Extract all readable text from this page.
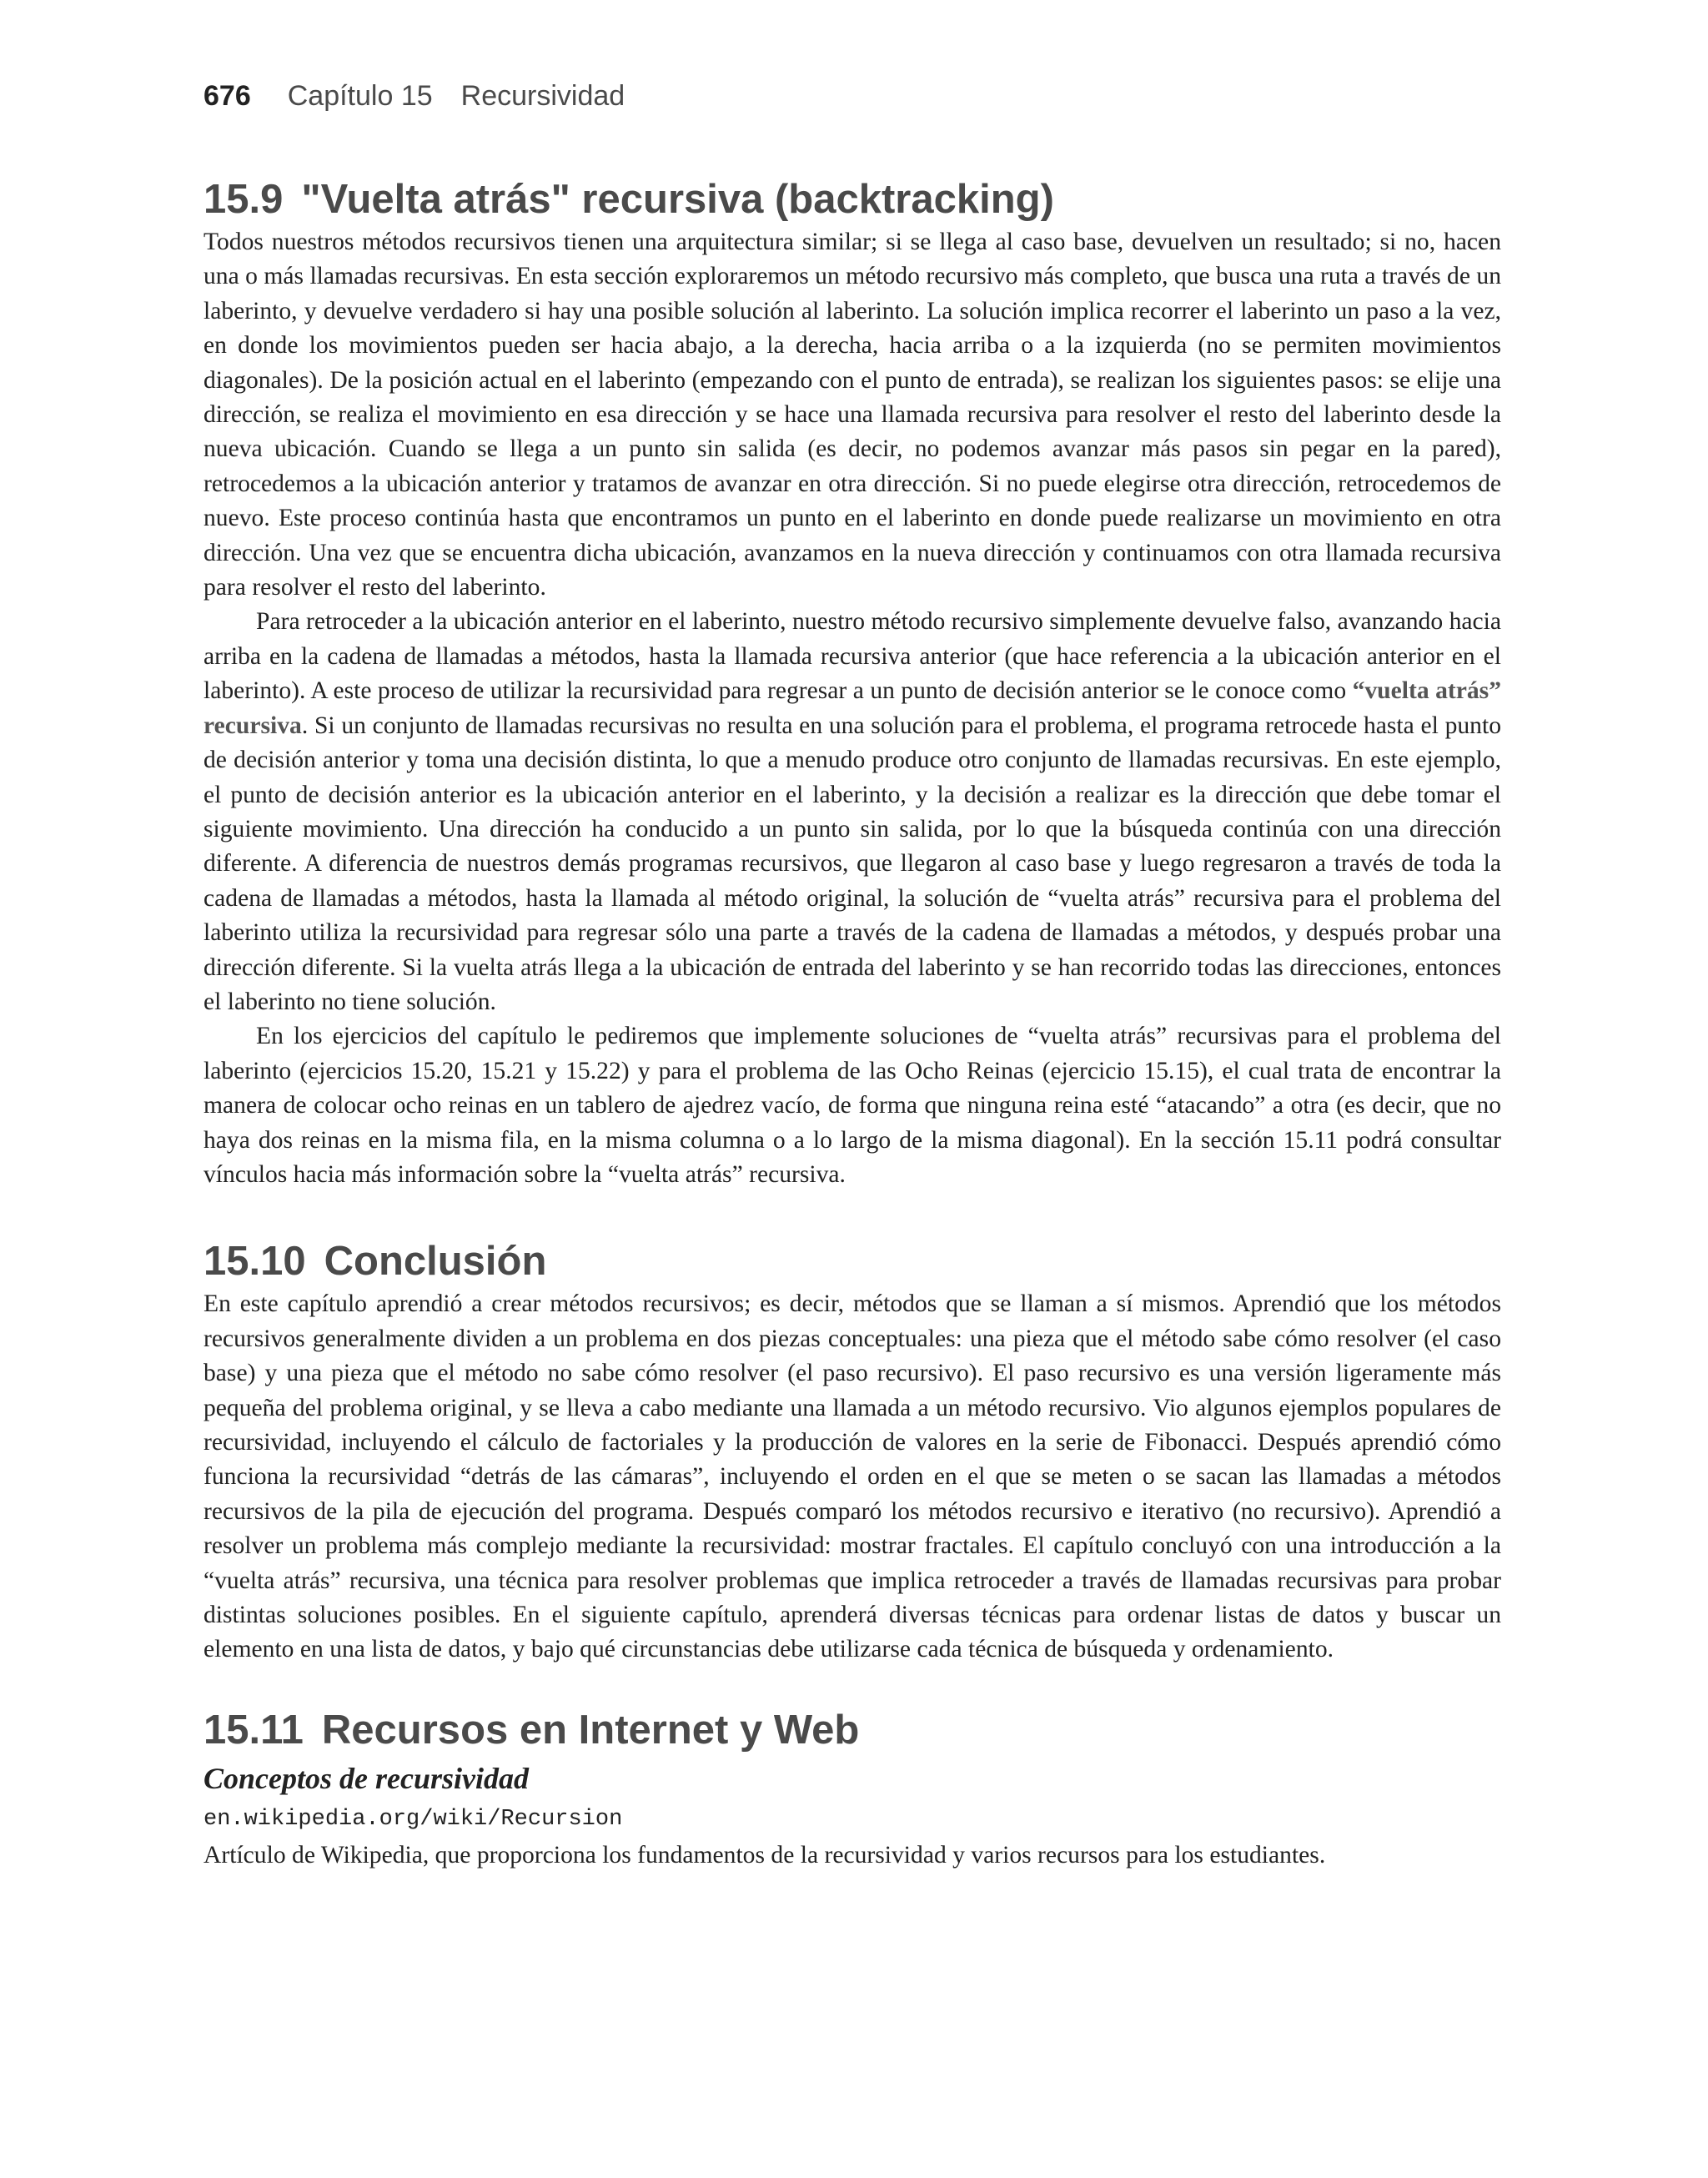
676 Capítulo 15 Recursividad
15.9 "Vuelta atrás" recursiva (backtracking)

Todos nuestros métodos recursivos tienen una arquitectura similar; si se llega al caso base, devuelven un resultado; si no, hacen una o más llamadas recursivas. En esta sección exploraremos un método recursivo más completo, que busca una ruta a través de un laberinto, y devuelve verdadero si hay una posible solución al laberinto. La solución implica recorrer el laberinto un paso a la vez, en donde los movimientos pueden ser hacia abajo, a la derecha, hacia arriba o a la izquierda (no se permiten movimientos diagonales). De la posición actual en el laberinto (empezando con el punto de entrada), se realizan los siguientes pasos: se elije una dirección, se realiza el movimiento en esa dirección y se hace una llamada recursiva para resolver el resto del laberinto desde la nueva ubicación. Cuando se llega a un punto sin salida (es decir, no podemos avanzar más pasos sin pegar en la pared), retrocedemos a la ubicación anterior y tratamos de avanzar en otra dirección. Si no puede elegirse otra dirección, retrocedemos de nuevo. Este proceso continúa hasta que encontramos un punto en el laberinto en donde puede realizarse un movimiento en otra dirección. Una vez que se encuentra dicha ubicación, avanzamos en la nueva dirección y continuamos con otra llamada recursiva para resolver el resto del laberinto.

Para retroceder a la ubicación anterior en el laberinto, nuestro método recursivo simplemente devuelve falso, avanzando hacia arriba en la cadena de llamadas a métodos, hasta la llamada recursiva anterior (que hace referencia a la ubicación anterior en el laberinto). A este proceso de utilizar la recursividad para regresar a un punto de decisión anterior se le conoce como “vuelta atrás” recursiva. Si un conjunto de llamadas recursivas no resulta en una solución para el problema, el programa retrocede hasta el punto de decisión anterior y toma una decisión distinta, lo que a menudo produce otro conjunto de llamadas recursivas. En este ejemplo, el punto de decisión anterior es la ubicación anterior en el laberinto, y la decisión a realizar es la dirección que debe tomar el siguiente movimiento. Una dirección ha conducido a un punto sin salida, por lo que la búsqueda continúa con una dirección diferente. A diferencia de nuestros demás programas recursivos, que llegaron al caso base y luego regresaron a través de toda la cadena de llamadas a métodos, hasta la llamada al método original, la solución de “vuelta atrás” recursiva para el problema del laberinto utiliza la recursividad para regresar sólo una parte a través de la cadena de llamadas a métodos, y después probar una dirección diferente. Si la vuelta atrás llega a la ubicación de entrada del laberinto y se han recorrido todas las direcciones, entonces el laberinto no tiene solución.

En los ejercicios del capítulo le pediremos que implemente soluciones de “vuelta atrás” recursivas para el problema del laberinto (ejercicios 15.20, 15.21 y 15.22) y para el problema de las Ocho Reinas (ejercicio 15.15), el cual trata de encontrar la manera de colocar ocho reinas en un tablero de ajedrez vacío, de forma que ninguna reina esté “atacando” a otra (es decir, que no haya dos reinas en la misma fila, en la misma columna o a lo largo de la misma diagonal). En la sección 15.11 podrá consultar vínculos hacia más información sobre la “vuelta atrás” recursiva.

15.10 Conclusión

En este capítulo aprendió a crear métodos recursivos; es decir, métodos que se llaman a sí mismos. Aprendió que los métodos recursivos generalmente dividen a un problema en dos piezas conceptuales: una pieza que el método sabe cómo resolver (el caso base) y una pieza que el método no sabe cómo resolver (el paso recursivo). El paso recursivo es una versión ligeramente más pequeña del problema original, y se lleva a cabo mediante una llamada a un método recursivo. Vio algunos ejemplos populares de recursividad, incluyendo el cálculo de factoriales y la producción de valores en la serie de Fibonacci. Después aprendió cómo funciona la recursividad “detrás de las cámaras”, incluyendo el orden en el que se meten o se sacan las llamadas a métodos recursivos de la pila de ejecución del programa. Después comparó los métodos recursivo e iterativo (no recursivo). Aprendió a resolver un problema más complejo mediante la recursividad: mostrar fractales. El capítulo concluyó con una introducción a la “vuelta atrás” recursiva, una técnica para resolver problemas que implica retroceder a través de llamadas recursivas para probar distintas soluciones posibles. En el siguiente capítulo, aprenderá diversas técnicas para ordenar listas de datos y buscar un elemento en una lista de datos, y bajo qué circunstancias debe utilizarse cada técnica de búsqueda y ordenamiento.

15.11 Recursos en Internet y Web
Conceptos de recursividad
en.wikipedia.org/wiki/Recursion

Artículo de Wikipedia, que proporciona los fundamentos de la recursividad y varios recursos para los estudiantes.
